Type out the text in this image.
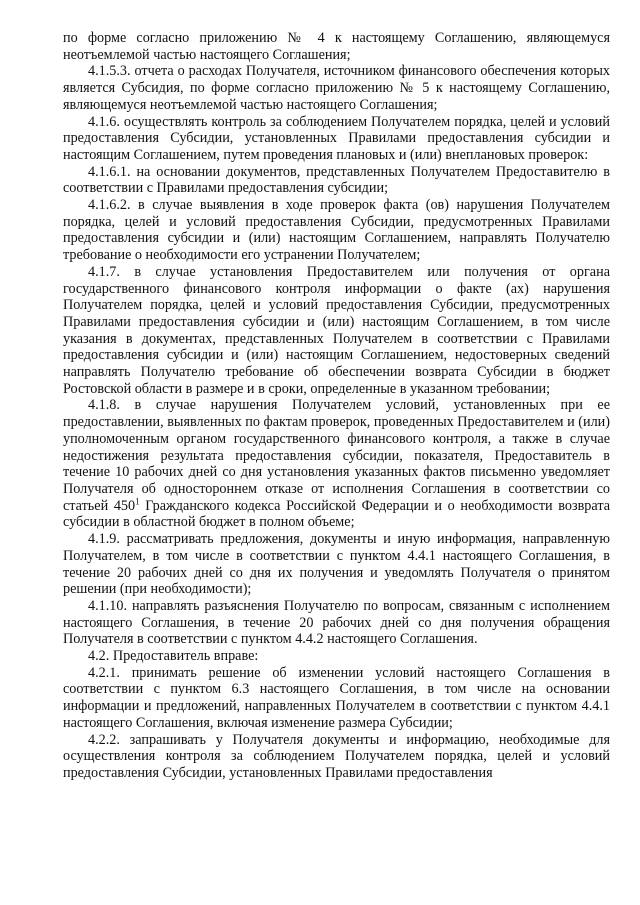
по форме согласно приложению № 4 к настоящему Соглашению, являющемуся неотъемлемой частью настоящего Соглашения;

4.1.5.3. отчета о расходах Получателя, источником финансового обеспечения которых является Субсидия, по форме согласно приложению № 5 к настоящему Соглашению, являющемуся неотъемлемой частью настоящего Соглашения;

4.1.6. осуществлять контроль за соблюдением Получателем порядка, целей и условий предоставления Субсидии, установленных Правилами предоставления субсидии и настоящим Соглашением, путем проведения плановых и (или) внеплановых проверок:

4.1.6.1. на основании документов, представленных Получателем Предоставителю в соответствии с Правилами предоставления субсидии;

4.1.6.2. в случае выявления в ходе проверок факта (ов) нарушения Получателем порядка, целей и условий предоставления Субсидии, предусмотренных Правилами предоставления субсидии и (или) настоящим Соглашением, направлять Получателю требование о необходимости его устранении Получателем;

4.1.7. в случае установления Предоставителем или получения от органа государственного финансового контроля информации о факте (ах) нарушения Получателем порядка, целей и условий предоставления Субсидии, предусмотренных Правилами предоставления субсидии и (или) настоящим Соглашением, в том числе указания в документах, представленных Получателем в соответствии с Правилами предоставления субсидии и (или) настоящим Соглашением, недостоверных сведений направлять Получателю требование об обеспечении возврата Субсидии в бюджет Ростовской области в размере и в сроки, определенные в указанном требовании;

4.1.8. в случае нарушения Получателем условий, установленных при ее предоставлении, выявленных по фактам проверок, проведенных Предоставителем и (или) уполномоченным органом государственного финансового контроля, а также в случае недостижения результата предоставления субсидии, показателя, Предоставитель в течение 10 рабочих дней со дня установления указанных фактов письменно уведомляет Получателя об одностороннем отказе от исполнения Соглашения в соответствии со статьей $450^1$ Гражданского кодекса Российской Федерации и о необходимости возврата субсидии в областной бюджет в полном объеме;

4.1.9. рассматривать предложения, документы и иную информация, направленную Получателем, в том числе в соответствии с пунктом 4.4.1 настоящего Соглашения, в течение 20 рабочих дней со дня их получения и уведомлять Получателя о принятом решении (при необходимости);

4.1.10. направлять разъяснения Получателю по вопросам, связанным с исполнением настоящего Соглашения, в течение 20 рабочих дней со дня получения обращения Получателя в соответствии с пунктом 4.4.2 настоящего Соглашения.

4.2. Предоставитель вправе:

4.2.1. принимать решение об изменении условий настоящего Соглашения в соответствии с пунктом 6.3 настоящего Соглашения, в том числе на основании информации и предложений, направленных Получателем в соответствии с пунктом 4.4.1 настоящего Соглашения, включая изменение размера Субсидии;

4.2.2. запрашивать у Получателя документы и информацию, необходимые для осуществления контроля за соблюдением Получателем порядка, целей и условий предоставления Субсидии, установленных Правилами предоставления
